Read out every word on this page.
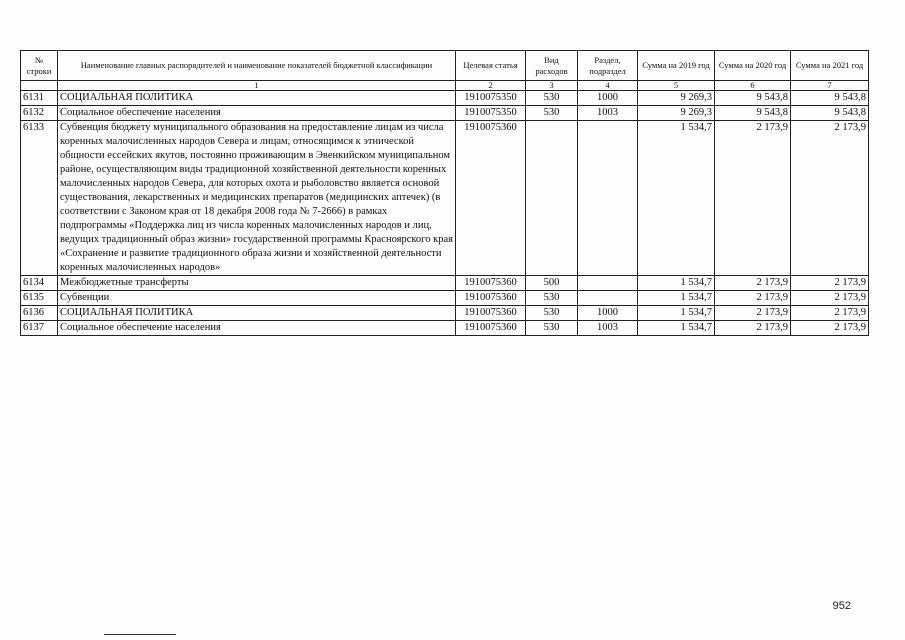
№ строки	Наименование главных распорядителей и наименование показателей бюджетной классификации	Целевая статья	Вид расходов	Раздел, подраздел	Сумма на 2019 год	Сумма на 2020 год	Сумма на 2021 год
	1	2	3	4	5	6	7
6131	СОЦИАЛЬНАЯ ПОЛИТИКА	1910075350	530	1000	9 269,3	9 543,8	9 543,8
6132	Социальное обеспечение населения	1910075350	530	1003	9 269,3	9 543,8	9 543,8
6133	Субвенция бюджету муниципального образования на предоставление лицам из числа коренных малочисленных народов Севера и лицам, относящимся к этнической общности ессейских якутов, постоянно проживающим в Эвенкийском муниципальном районе, осуществляющим виды традиционной хозяйственной деятельности коренных малочисленных народов Севера, для которых охота и рыболовство является основой существования, лекарственных и медицинских препаратов (медицинских аптечек) (в соответствии с Законом края от 18 декабря 2008 года № 7-2666) в рамках подпрограммы «Поддержка лиц из числа коренных малочисленных народов и лиц, ведущих традиционный образ жизни» государственной программы Красноярского края «Сохранение и развитие традиционного образа жизни и хозяйственной деятельности коренных малочисленных народов»	1910075360			1 534,7	2 173,9	2 173,9
6134	Межбюджетные трансферты	1910075360	500		1 534,7	2 173,9	2 173,9
6135	Субвенции	1910075360	530		1 534,7	2 173,9	2 173,9
6136	СОЦИАЛЬНАЯ ПОЛИТИКА	1910075360	530	1000	1 534,7	2 173,9	2 173,9
6137	Социальное обеспечение населения	1910075360	530	1003	1 534,7	2 173,9	2 173,9
952
